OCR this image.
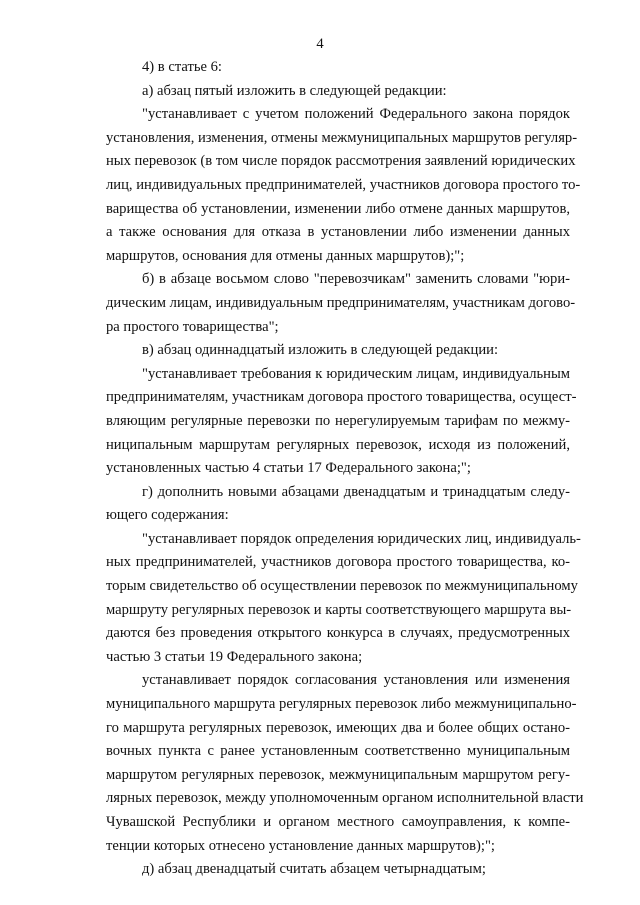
4
4) в статье 6:
а) абзац пятый изложить в следующей редакции:
"устанавливает с учетом положений Федерального закона порядок
установления, изменения, отмены межмуниципальных маршрутов регуляр-
ных перевозок (в том числе порядок рассмотрения заявлений юридических
лиц, индивидуальных предпринимателей, участников договора простого то-
варищества об установлении, изменении либо отмене данных маршрутов,
а также основания для отказа в установлении либо изменении данных
маршрутов, основания для отмены данных маршрутов);";
б) в абзаце восьмом слово "перевозчикам" заменить словами "юри-
дическим лицам, индивидуальным предпринимателям, участникам догово-
ра простого товарищества";
в) абзац одиннадцатый изложить в следующей редакции:
"устанавливает требования к юридическим лицам, индивидуальным
предпринимателям, участникам договора простого товарищества, осущест-
вляющим регулярные перевозки по нерегулируемым тарифам по межму-
ниципальным маршрутам регулярных перевозок, исходя из положений,
установленных частью 4 статьи 17 Федерального закона;";
г) дополнить новыми абзацами двенадцатым и тринадцатым следу-
ющего содержания:
"устанавливает порядок определения юридических лиц, индивидуаль-
ных предпринимателей, участников договора простого товарищества, ко-
торым свидетельство об осуществлении перевозок по межмуниципальному
маршруту регулярных перевозок и карты соответствующего маршрута вы-
даются без проведения открытого конкурса в случаях, предусмотренных
частью 3 статьи 19 Федерального закона;
устанавливает порядок согласования установления или изменения
муниципального маршрута регулярных перевозок либо межмуниципально-
го маршрута регулярных перевозок, имеющих два и более общих остано-
вочных пункта с ранее установленным соответственно муниципальным
маршрутом регулярных перевозок, межмуниципальным маршрутом регу-
лярных перевозок, между уполномоченным органом исполнительной власти
Чувашской Республики и органом местного самоуправления, к компе-
тенции которых отнесено установление данных маршрутов);";
д) абзац двенадцатый считать абзацем четырнадцатым;
